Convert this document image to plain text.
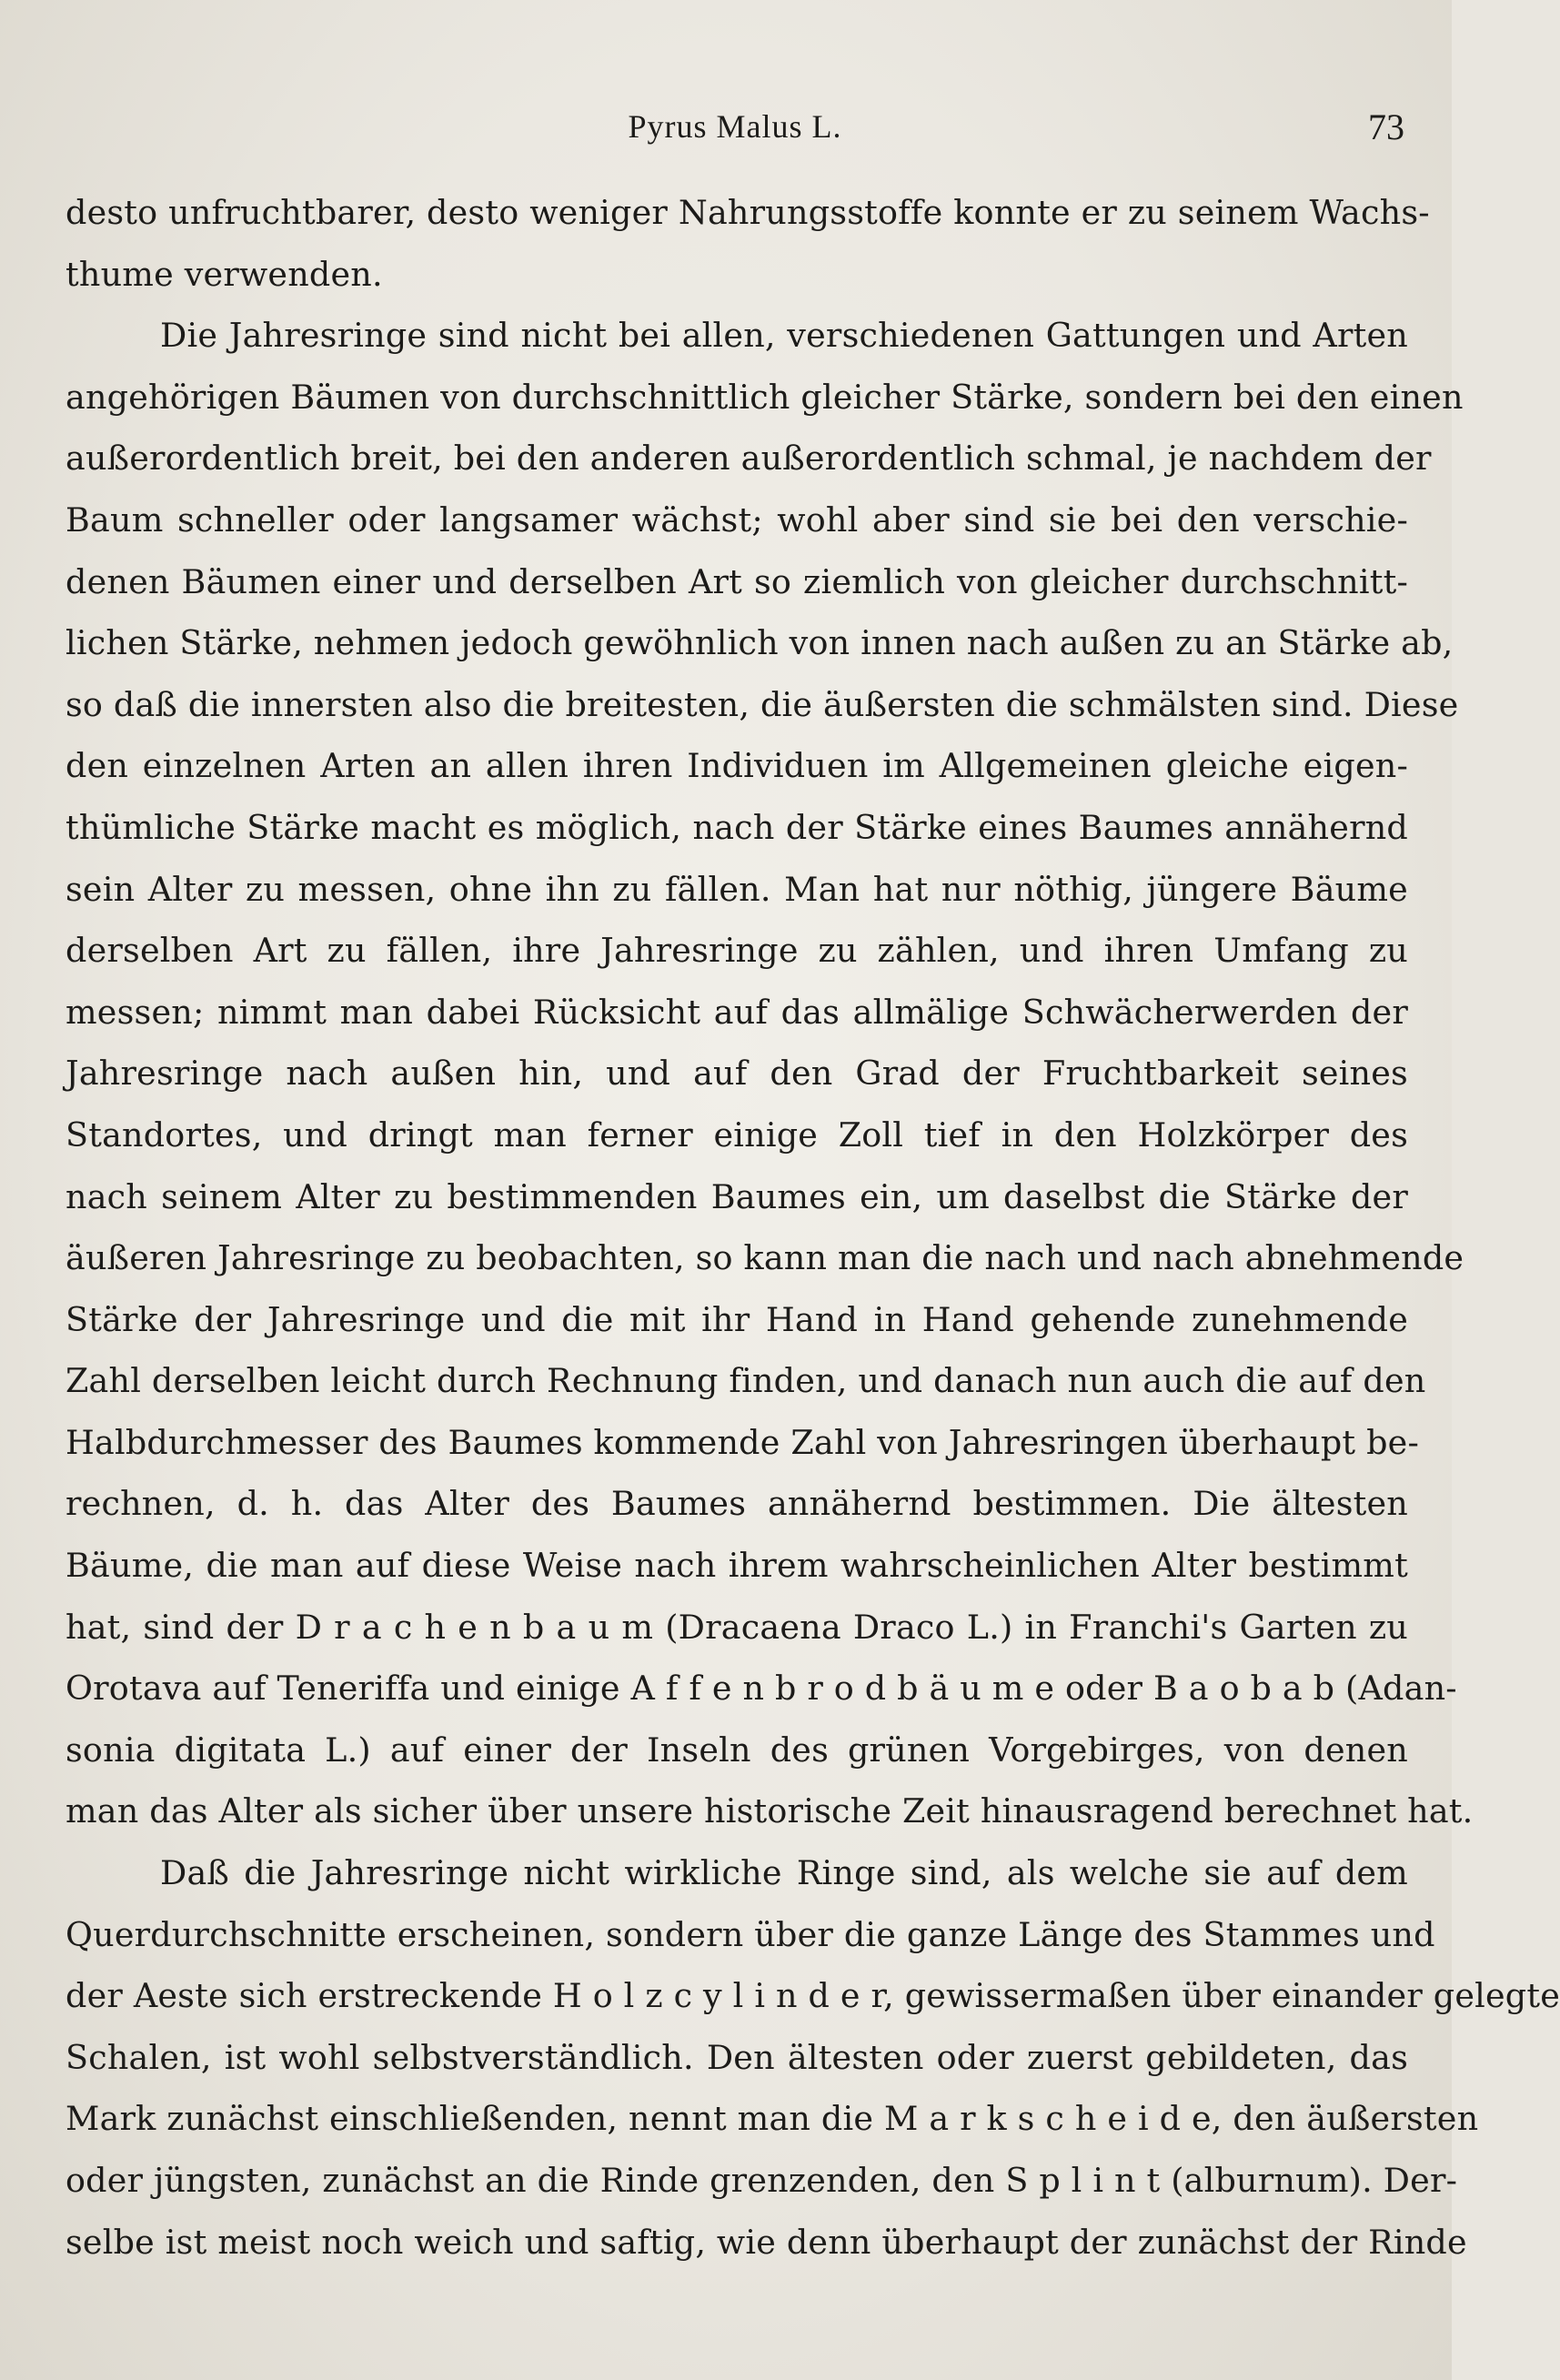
Pyrus Malus L.	73
desto unfruchtbarer, desto weniger Nahrungsstoffe konnte er zu seinem Wachs-
thume verwenden.
Die Jahresringe sind nicht bei allen, verschiedenen Gattungen und Arten
angehörigen Bäumen von durchschnittlich gleicher Stärke, sondern bei den einen
außerordentlich breit, bei den anderen außerordentlich schmal, je nachdem der
Baum schneller oder langsamer wächst; wohl aber sind sie bei den verschie-
denen Bäumen einer und derselben Art so ziemlich von gleicher durchschnitt-
lichen Stärke, nehmen jedoch gewöhnlich von innen nach außen zu an Stärke ab,
so daß die innersten also die breitesten, die äußersten die schmälsten sind. Diese
den einzelnen Arten an allen ihren Individuen im Allgemeinen gleiche eigen-
thümliche Stärke macht es möglich, nach der Stärke eines Baumes annähernd
sein Alter zu messen, ohne ihn zu fällen. Man hat nur nöthig, jüngere Bäume
derselben Art zu fällen, ihre Jahresringe zu zählen, und ihren Umfang zu
messen; nimmt man dabei Rücksicht auf das allmälige Schwächerwerden der
Jahresringe nach außen hin, und auf den Grad der Fruchtbarkeit seines
Standortes, und dringt man ferner einige Zoll tief in den Holzkörper des
nach seinem Alter zu bestimmenden Baumes ein, um daselbst die Stärke der
äußeren Jahresringe zu beobachten, so kann man die nach und nach abnehmende
Stärke der Jahresringe und die mit ihr Hand in Hand gehende zunehmende
Zahl derselben leicht durch Rechnung finden, und danach nun auch die auf den
Halbdurchmesser des Baumes kommende Zahl von Jahresringen überhaupt be-
rechnen, d. h. das Alter des Baumes annähernd bestimmen. Die ältesten
Bäume, die man auf diese Weise nach ihrem wahrscheinlichen Alter bestimmt
hat, sind der D r a c h e n b a u m (Dracaena Draco L.) in Franchi's Garten zu
Orotava auf Teneriffa und einige A f f e n b r o d b ä u m e oder B a o b a b (Adan-
sonia digitata L.) auf einer der Inseln des grünen Vorgebirges, von denen
man das Alter als sicher über unsere historische Zeit hinausragend berechnet hat.
Daß die Jahresringe nicht wirkliche Ringe sind, als welche sie auf dem
Querdurchschnitte erscheinen, sondern über die ganze Länge des Stammes und
der Aeste sich erstreckende H o l z c y l i n d e r, gewissermaßen über einander gelegte
Schalen, ist wohl selbstverständlich. Den ältesten oder zuerst gebildeten, das
Mark zunächst einschließenden, nennt man die M a r k s c h e i d e, den äußersten
oder jüngsten, zunächst an die Rinde grenzenden, den S p l i n t (alburnum). Der-
selbe ist meist noch weich und saftig, wie denn überhaupt der zunächst der Rinde
